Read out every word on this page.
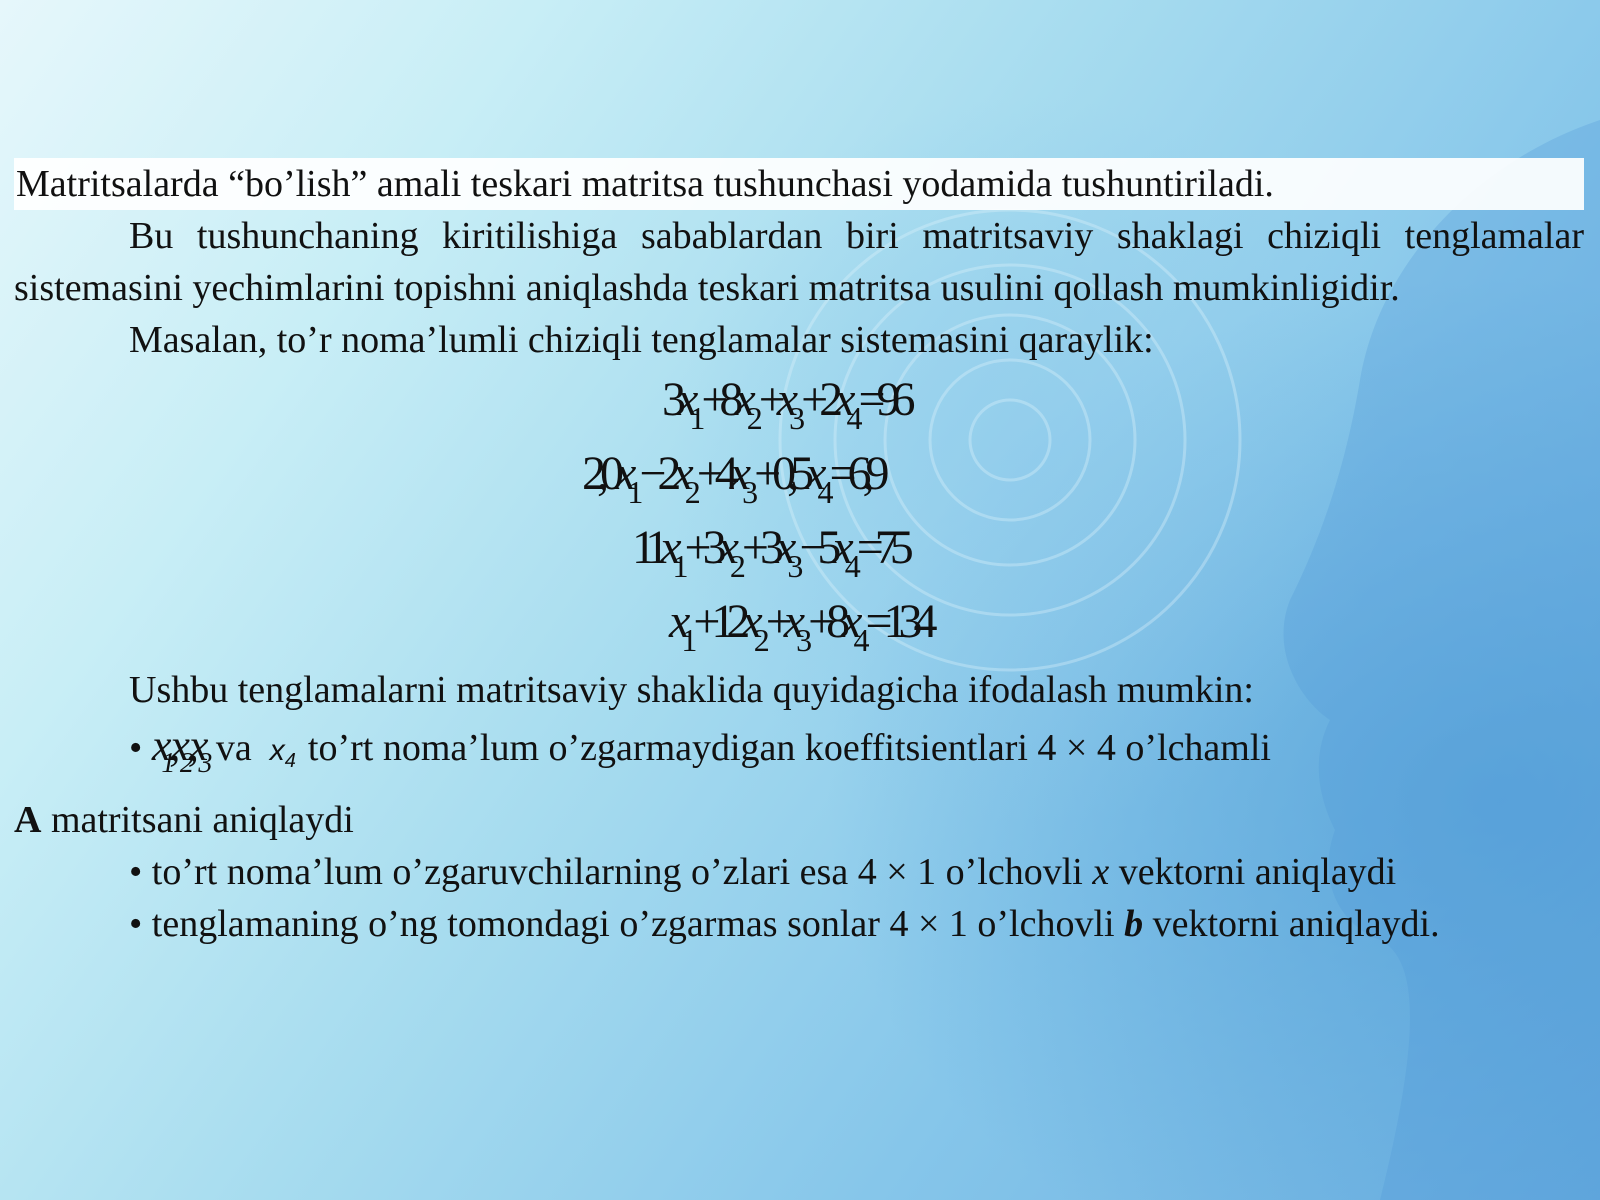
Matritsalarda “bo’lish” amali teskari matritsa tushunchasi yodamida tushuntiriladi.
Bu tushunchaning kiritilishiga sabablardan biri matritsaviy shaklagi chiziqli tenglamalar sistemasini yechimlarini topishni aniqlashda teskari matritsa usulini qollash mumkinligidir.
Masalan, to’r noma’lumli chiziqli tenglamalar sistemasini qaraylik:
$3x_1+8x_2+x_3+2x_4=96$
$2,0x_1-2x_2+4x_3+0,5x_4=6,9$
$11x_1+3x_2+3x_3-5x_4=75$
$x_1+12x_2+x_3+8x_4=134$
Ushbu tenglamalarni matritsaviy shaklida quyidagicha ifodalash mumkin:
• $x_1,x_2,x_3$ va $x_4$ to’rt noma’lum o’zgarmaydigan koeffitsientlari 4 × 4 o’lchamli
A matritsani aniqlaydi
• to’rt noma’lum o’zgaruvchilarning o’zlari esa 4 × 1 o’lchovli x vektorni aniqlaydi
• tenglamaning o’ng tomondagi o’zgarmas sonlar 4 × 1 o’lchovli b vektorni aniqlaydi.
